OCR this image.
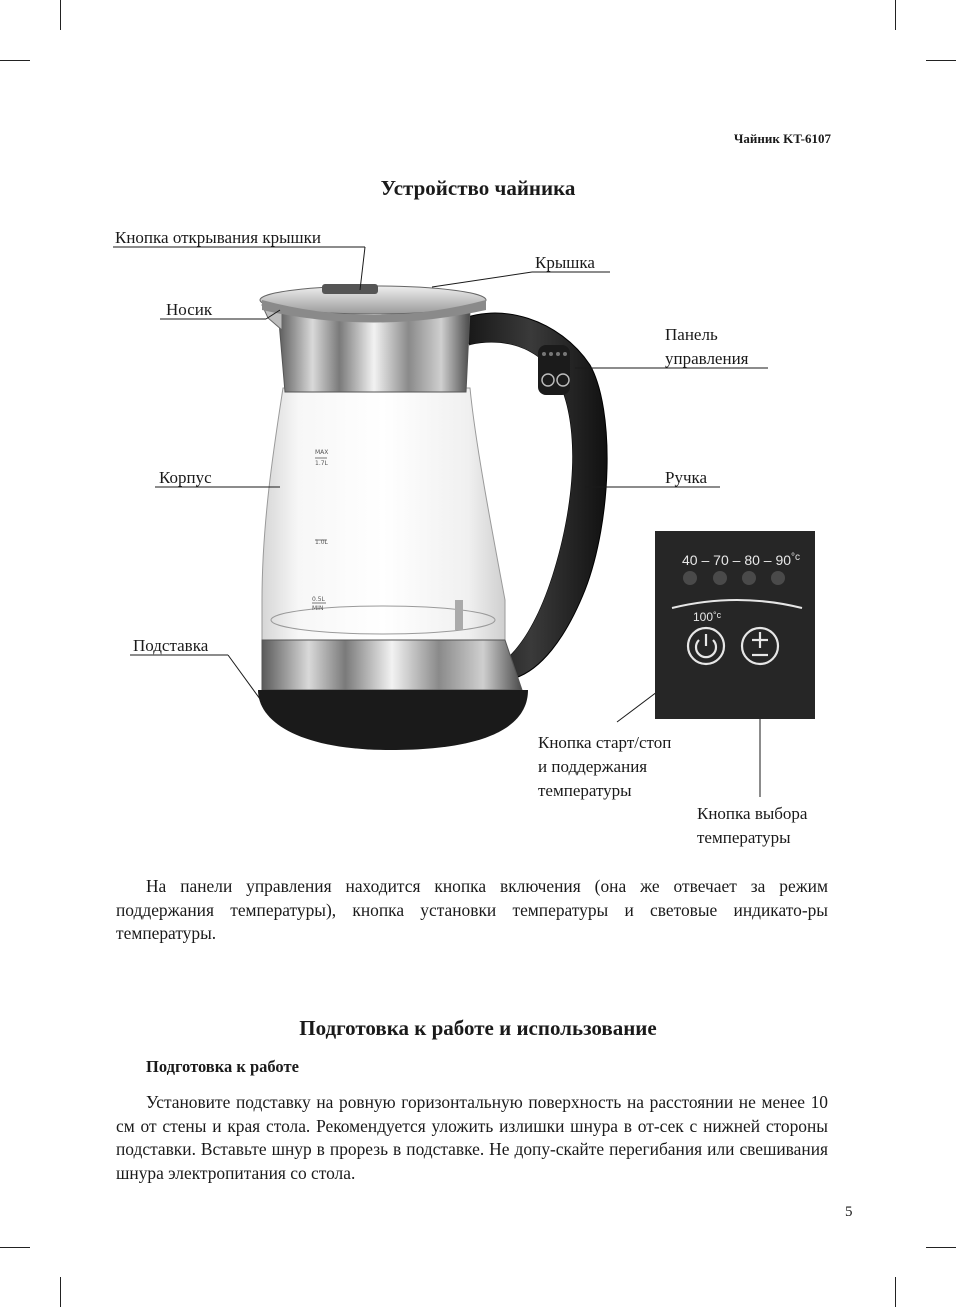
Чайник KT-6107
Устройство чайника
MAX
1.7L
1.0L
0.5L
MIN
$40 - 70 - 80 - 90^{^\circ c}$
$100^{^\circ c}$
Кнопка открывания крышки
Крышка
Носик
Панель
управления
Корпус	Ручка
Подставка
Кнопка старт/стоп
и поддержания
температуры
Кнопка выбора
температуры

На панели управления находится кнопка включения (она же отвечает за режим поддержания температуры), кнопка установки температуры и световые индикато-ры температуры.

Подготовка к работе и использование
Подготовка к работе

Установите подставку на ровную горизонтальную поверхность на расстоянии не менее 10 см от стены и края стола. Рекомендуется уложить излишки шнура в от-сек с нижней стороны подставки. Вставьте шнур в прорезь в подставке. Не допу-скайте перегибания или свешивания шнура электропитания со стола.

5
